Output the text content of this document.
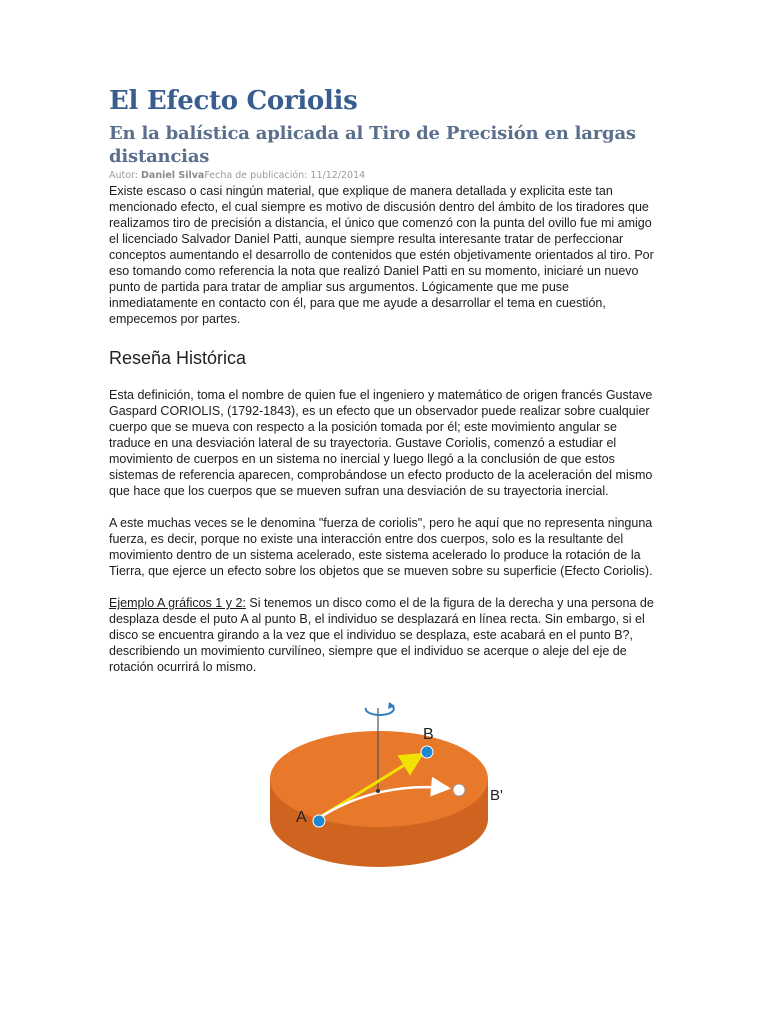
El Efecto Coriolis
En la balística aplicada al Tiro de Precisión en largas distancias
Autor: Daniel SilvaFecha de publicación: 11/12/2014

Existe escaso o casi ningún material, que explique de manera detallada y explicita este tan mencionado efecto, el cual siempre es motivo de discusión dentro del ámbito de los tiradores que realizamos tiro de precisión a distancia, el único que comenzó con la punta del ovillo fue mi amigo el licenciado Salvador Daniel Patti, aunque siempre resulta interesante tratar de perfeccionar conceptos aumentando el desarrollo de contenidos que estén objetivamente orientados al tiro. Por eso tomando como referencia la nota que realizó Daniel Patti en su momento, iniciaré un nuevo punto de partida para tratar de ampliar sus argumentos. Lógicamente que me puse inmediatamente en contacto con él, para que me ayude a desarrollar el tema en cuestión, empecemos por partes.

Reseña Histórica

Esta definición, toma el nombre de quien fue el ingeniero y matemático de origen francés Gustave Gaspard CORIOLIS, (1792-1843), es un efecto que un observador puede realizar sobre cualquier cuerpo que se mueva con respecto a la posición tomada por él; este movimiento angular se traduce en una desviación lateral de su trayectoria. Gustave Coriolis, comenzó a estudiar el movimiento de cuerpos en un sistema no inercial y luego llegó a la conclusión de que estos sistemas de referencia aparecen, comprobándose un efecto producto de la aceleración del mismo que hace que los cuerpos que se mueven sufran una desviación de su trayectoria inercial.

A este muchas veces se le denomina "fuerza de coriolis", pero he aquí que no representa ninguna fuerza, es decir, porque no existe una interacción entre dos cuerpos, solo es la resultante del movimiento dentro de un sistema acelerado, este sistema acelerado lo produce la rotación de la Tierra, que ejerce un efecto sobre los objetos que se mueven sobre su superficie (Efecto Coriolis).

Ejemplo A gráficos 1 y 2: Si tenemos un disco como el de la figura de la derecha y una persona de desplaza desde el puto A al punto B, el individuo se desplazará en línea recta. Sin embargo, si el disco se encuentra girando a la vez que el individuo se desplaza, este acabará en el punto B?, describiendo un movimiento curvilíneo, siempre que el individuo se acerque o aleje del eje de rotación ocurrirá lo mismo.

A
B
B'
